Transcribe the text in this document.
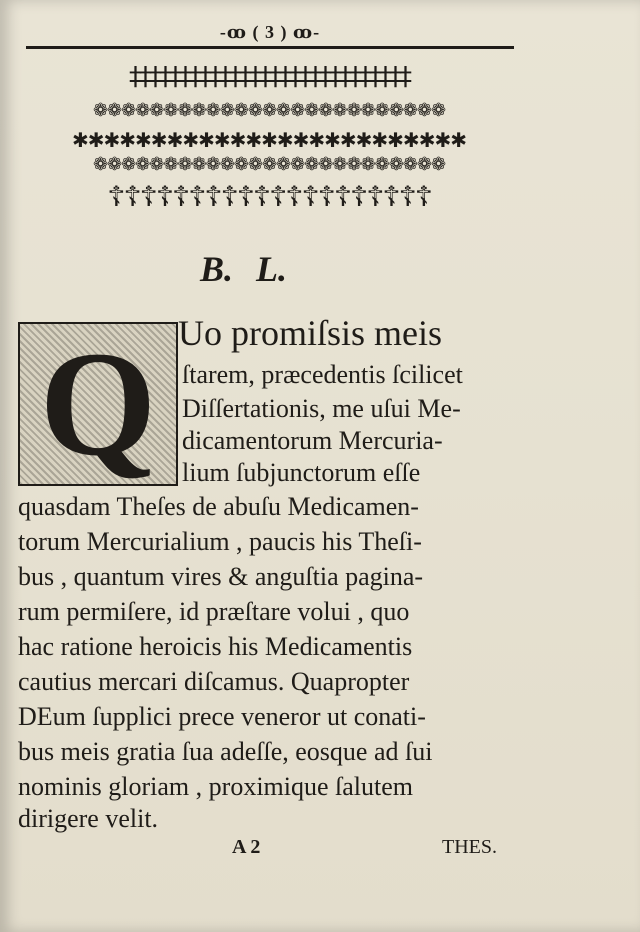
-ꝏ ( 3 ) ꝏ-
‡‡‡‡‡‡‡‡‡‡‡‡‡‡‡‡‡‡‡‡‡‡‡‡‡‡‡‡
❁❁❁❁❁❁❁❁❁❁❁❁❁❁❁❁❁❁❁❁❁❁❁❁❁
✱✱✱✱✱✱✱✱✱✱✱✱✱✱✱✱✱✱✱✱✱✱✱✱✱
❁❁❁❁❁❁❁❁❁❁❁❁❁❁❁❁❁❁❁❁❁❁❁❁❁
☦☦☦☦☦☦☦☦☦☦☦☦☦☦☦☦☦☦☦☦
B. L.
Q Uo promiſsis meis
ſtarem, præcedentis ſcilicet
Diſſertationis, me uſui Me-
dicamentorum Mercuria-
lium ſubjunctorum eſſe
quasdam Theſes de abuſu Medicamen-
torum Mercurialium , paucis his Theſi-
bus , quantum vires & anguſtia pagina-
rum permiſere, id præſtare volui , quo
hac ratione heroicis his Medicamentis
cautius mercari diſcamus. Quapropter
DEum ſupplici prece veneror ut conati-
bus meis gratia ſua adeſſe, eosque ad ſui
nominis gloriam , proximique ſalutem
dirigere velit.
A 2	THES.
